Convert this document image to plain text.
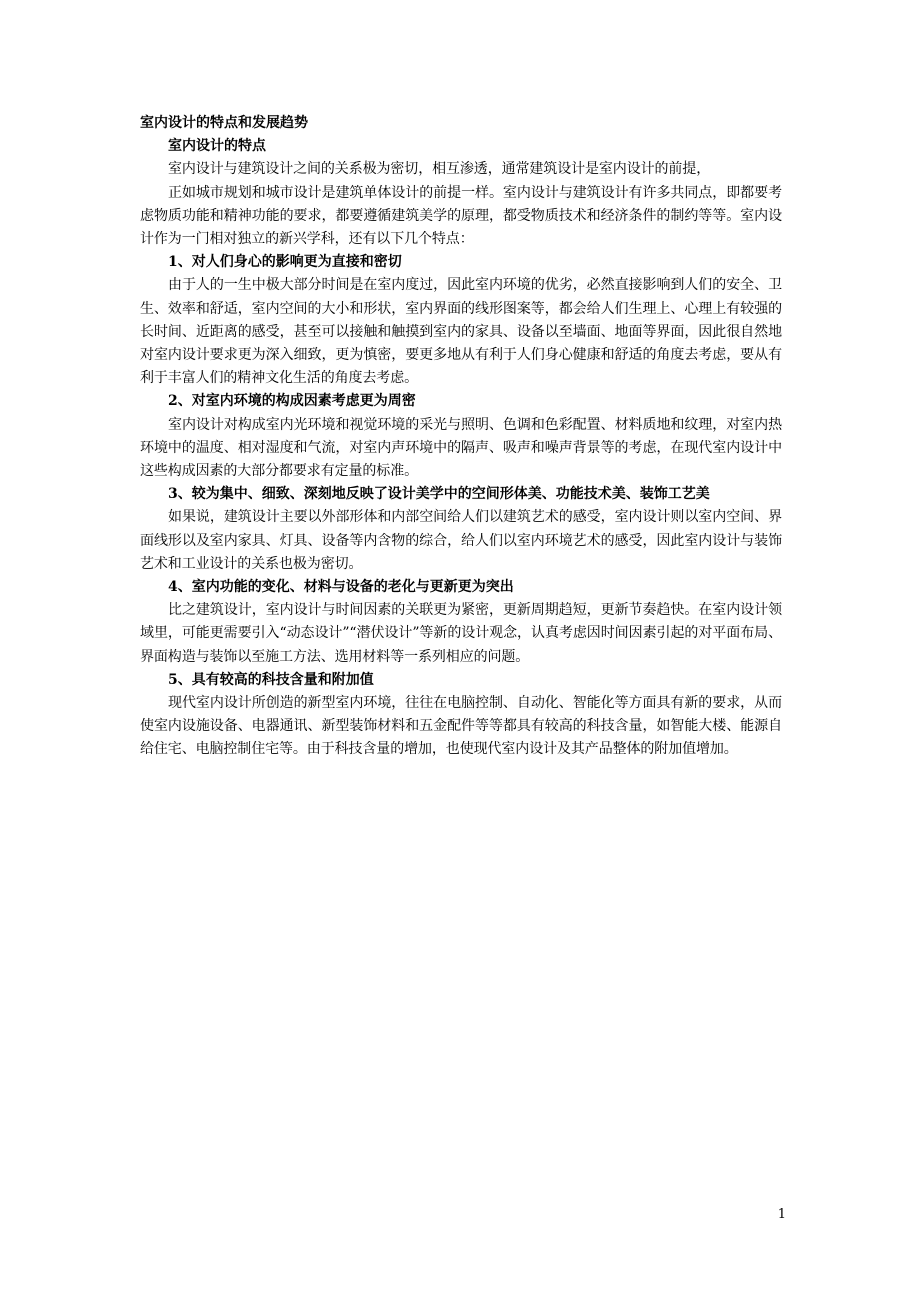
室内设计的特点和发展趋势

室内设计的特点

室内设计与建筑设计之间的关系极为密切，相互渗透，通常建筑设计是室内设计的前提，

正如城市规划和城市设计是建筑单体设计的前提一样。室内设计与建筑设计有许多共同点，即都要考虑物质功能和精神功能的要求，都要遵循建筑美学的原理，都受物质技术和经济条件的制约等等。室内设计作为一门相对独立的新兴学科，还有以下几个特点：

1、对人们身心的影响更为直接和密切

由于人的一生中极大部分时间是在室内度过，因此室内环境的优劣，必然直接影响到人们的安全、卫生、效率和舒适，室内空间的大小和形状，室内界面的线形图案等，都会给人们生理上、心理上有较强的长时间、近距离的感受，甚至可以接触和触摸到室内的家具、设备以至墙面、地面等界面，因此很自然地对室内设计要求更为深入细致，更为慎密，要更多地从有利于人们身心健康和舒适的角度去考虑，要从有利于丰富人们的精神文化生活的角度去考虑。

2、对室内环境的构成因素考虑更为周密

室内设计对构成室内光环境和视觉环境的采光与照明、色调和色彩配置、材料质地和纹理，对室内热环境中的温度、相对湿度和气流，对室内声环境中的隔声、吸声和噪声背景等的考虑，在现代室内设计中这些构成因素的大部分都要求有定量的标准。

3、较为集中、细致、深刻地反映了设计美学中的空间形体美、功能技术美、装饰工艺美

如果说，建筑设计主要以外部形体和内部空间给人们以建筑艺术的感受，室内设计则以室内空间、界面线形以及室内家具、灯具、设备等内含物的综合，给人们以室内环境艺术的感受，因此室内设计与装饰艺术和工业设计的关系也极为密切。

4、室内功能的变化、材料与设备的老化与更新更为突出

比之建筑设计，室内设计与时间因素的关联更为紧密，更新周期趋短，更新节奏趋快。在室内设计领域里，可能更需要引入“动态设计”“潜伏设计”等新的设计观念，认真考虑因时间因素引起的对平面布局、界面构造与装饰以至施工方法、选用材料等一系列相应的问题。

5、具有较高的科技含量和附加值

现代室内设计所创造的新型室内环境，往往在电脑控制、自动化、智能化等方面具有新的要求，从而使室内设施设备、电器通讯、新型装饰材料和五金配件等等都具有较高的科技含量，如智能大楼、能源自给住宅、电脑控制住宅等。由于科技含量的增加，也使现代室内设计及其产品整体的附加值增加。

1
